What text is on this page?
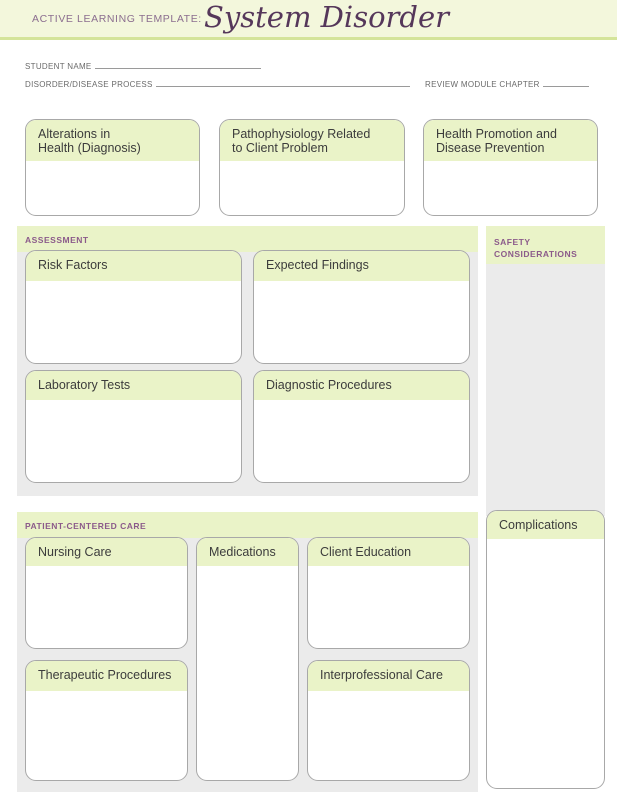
ACTIVE LEARNING TEMPLATE: System Disorder
STUDENT NAME
DISORDER/DISEASE PROCESS	REVIEW MODULE CHAPTER
Alterations in
Health (Diagnosis)
Pathophysiology Related
to Client Problem
Health Promotion and
Disease Prevention
ASSESSMENT
Risk Factors	Expected Findings
Laboratory Tests	Diagnostic Procedures
SAFETY
CONSIDERATIONS
PATIENT-CENTERED CARE
Nursing Care	Medications	Client Education
Therapeutic Procedures	Interprofessional Care
Complications
